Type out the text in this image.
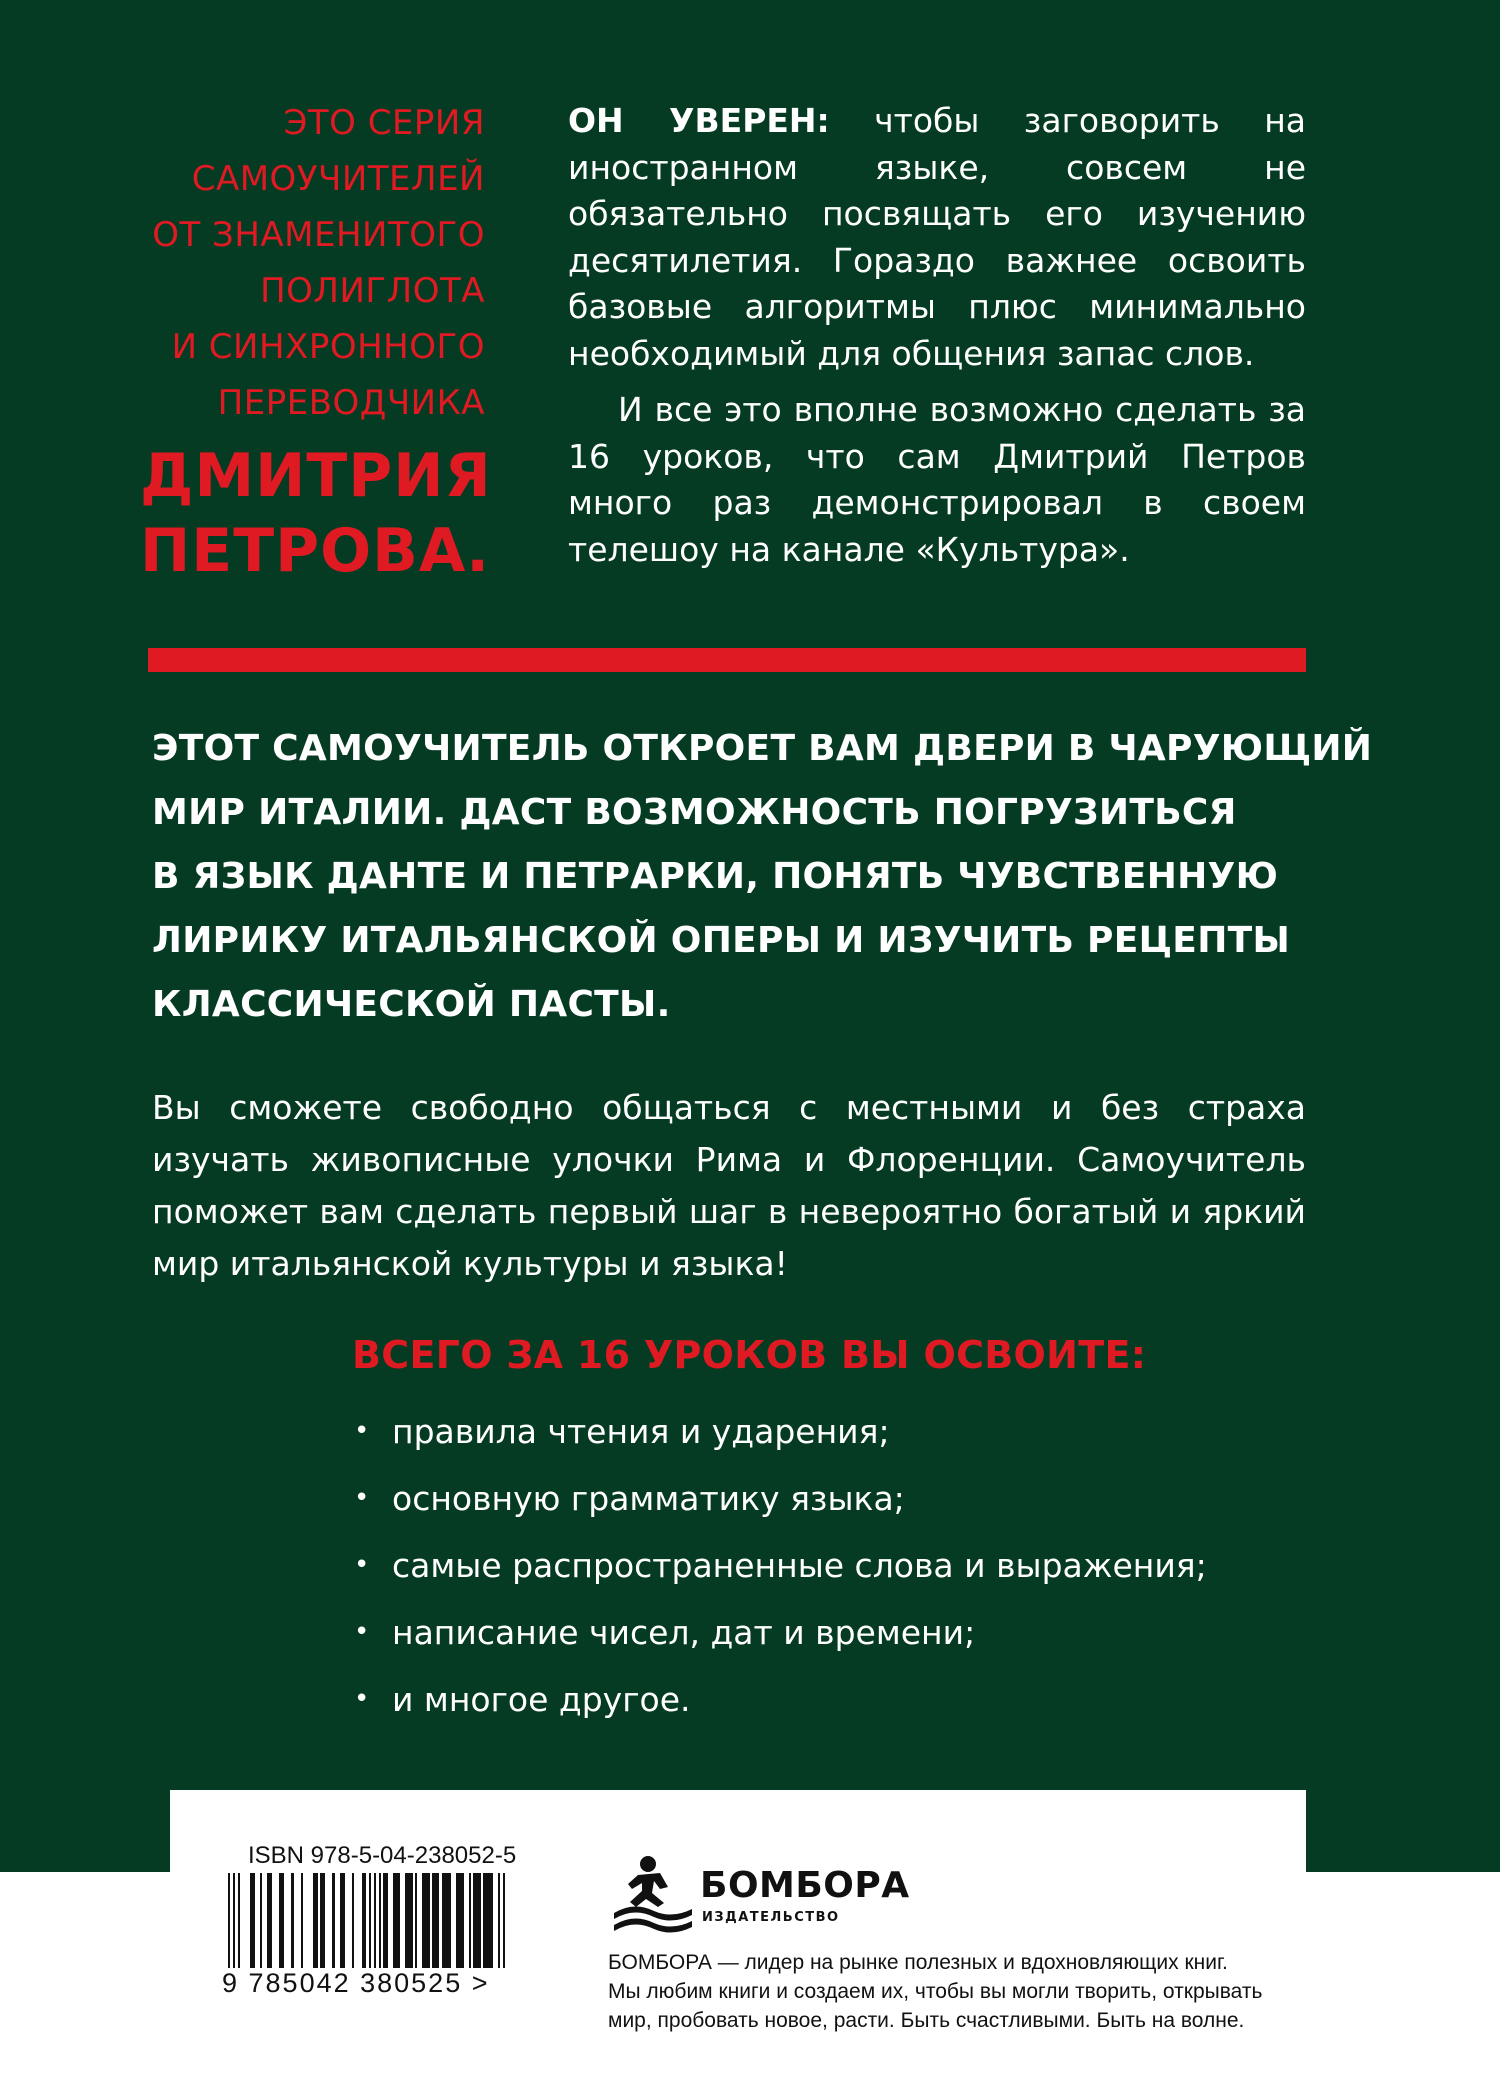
ЭТО СЕРИЯ
САМОУЧИТЕЛЕЙ
ОТ ЗНАМЕНИТОГО
ПОЛИГЛОТА
И СИНХРОННОГО
ПЕРЕВОДЧИКА
ДМИТРИЯ
ПЕТРОВА.

ОН УВЕРЕН: чтобы заговорить на иностранном языке, совсем не обязательно посвящать его изучению десятилетия. Гораздо важнее освоить базовые алгоритмы плюс минимально необходимый для общения запас слов.

И все это вполне возможно сделать за 16 уроков, что сам Дмитрий Петров много раз демонстрировал в своем телешоу на канале «Культура».

ЭТОТ САМОУЧИТЕЛЬ ОТКРОЕТ ВАМ ДВЕРИ В ЧАРУЮЩИЙ
МИР ИТАЛИИ. ДАСТ ВОЗМОЖНОСТЬ ПОГРУЗИТЬСЯ
В ЯЗЫК ДАНТЕ И ПЕТРАРКИ, ПОНЯТЬ ЧУВСТВЕННУЮ
ЛИРИКУ ИТАЛЬЯНСКОЙ ОПЕРЫ И ИЗУЧИТЬ РЕЦЕПТЫ
КЛАССИЧЕСКОЙ ПАСТЫ.

Вы сможете свободно общаться с местными и без страха изучать живописные улочки Рима и Флоренции. Самоучитель поможет вам сделать первый шаг в невероятно богатый и яркий мир итальянской культуры и языка!

ВСЕГО ЗА 16 УРОКОВ ВЫ ОСВОИТЕ:
• правила чтения и ударения;
• основную грамматику языка;
• самые распространенные слова и выражения;
• написание чисел, дат и времени;
• и многое другое.
ISBN 978-5-04-238052-5
9 785042 380525 >
БОМБОРА
ИЗДАТЕЛЬСТВО
БОМБОРА — лидер на рынке полезных и вдохновляющих книг.
Мы любим книги и создаем их, чтобы вы могли творить, открывать
мир, пробовать новое, расти. Быть счастливыми. Быть на волне.
